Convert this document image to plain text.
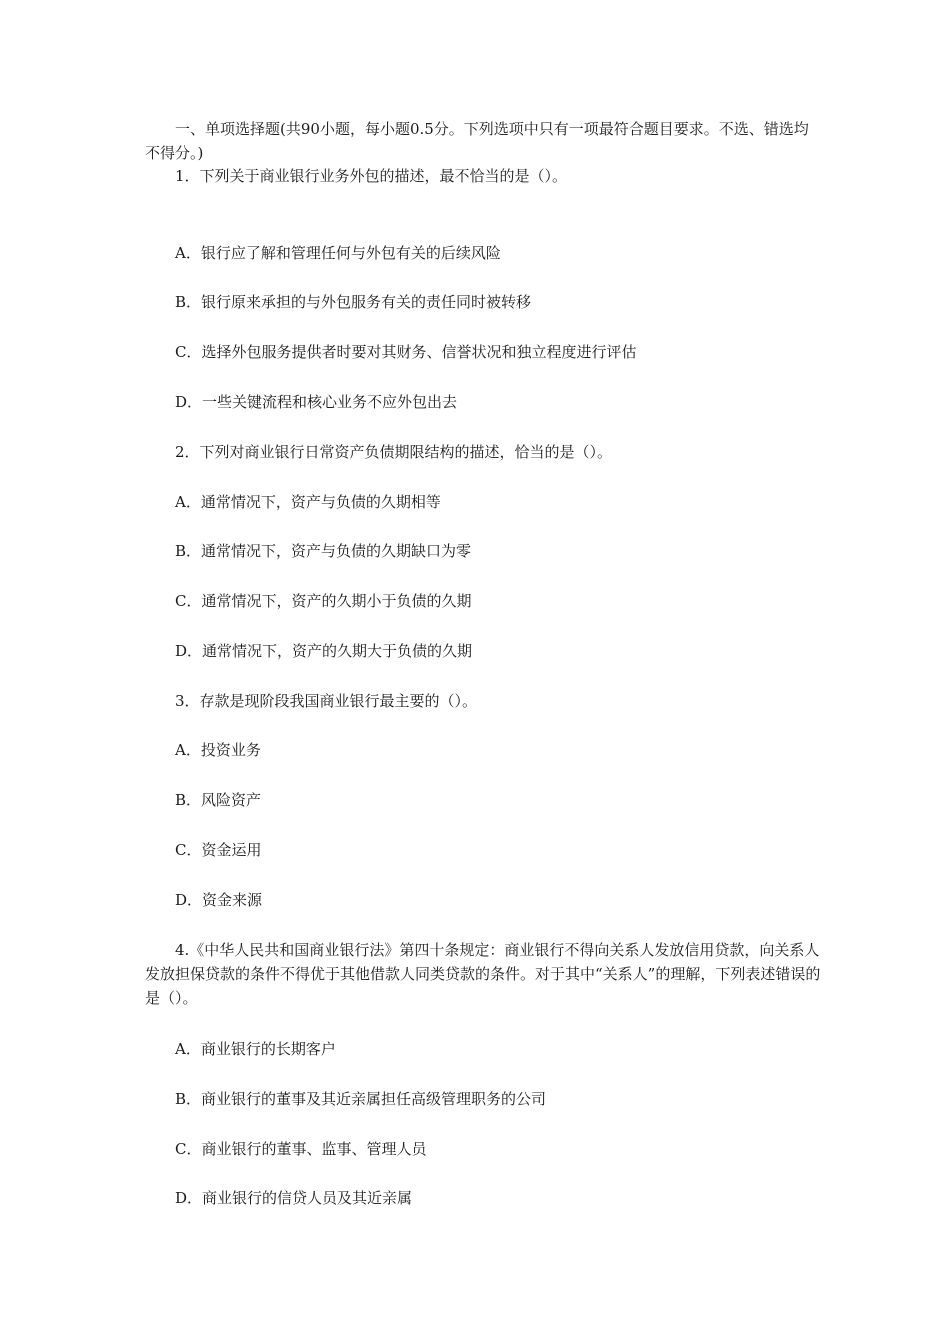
一、单项选择题(共90小题，每小题0.5分。下列选项中只有一项最符合题目要求。不选、错选均不得分。)
1．下列关于商业银行业务外包的描述，最不恰当的是（）。
A．银行应了解和管理任何与外包有关的后续风险
B．银行原来承担的与外包服务有关的责任同时被转移
C．选择外包服务提供者时要对其财务、信誉状况和独立程度进行评估
D．一些关键流程和核心业务不应外包出去
2．下列对商业银行日常资产负债期限结构的描述，恰当的是（）。
A．通常情况下，资产与负债的久期相等
B．通常情况下，资产与负债的久期缺口为零
C．通常情况下，资产的久期小于负债的久期
D．通常情况下，资产的久期大于负债的久期
3．存款是现阶段我国商业银行最主要的（）。
A．投资业务
B．风险资产
C．资金运用
D．资金来源
4.《中华人民共和国商业银行法》第四十条规定：商业银行不得向关系人发放信用贷款，向关系人发放担保贷款的条件不得优于其他借款人同类贷款的条件。对于其中“关系人”的理解，下列表述错误的是（）。
A．商业银行的长期客户
B．商业银行的董事及其近亲属担任高级管理职务的公司
C．商业银行的董事、监事、管理人员
D．商业银行的信贷人员及其近亲属
